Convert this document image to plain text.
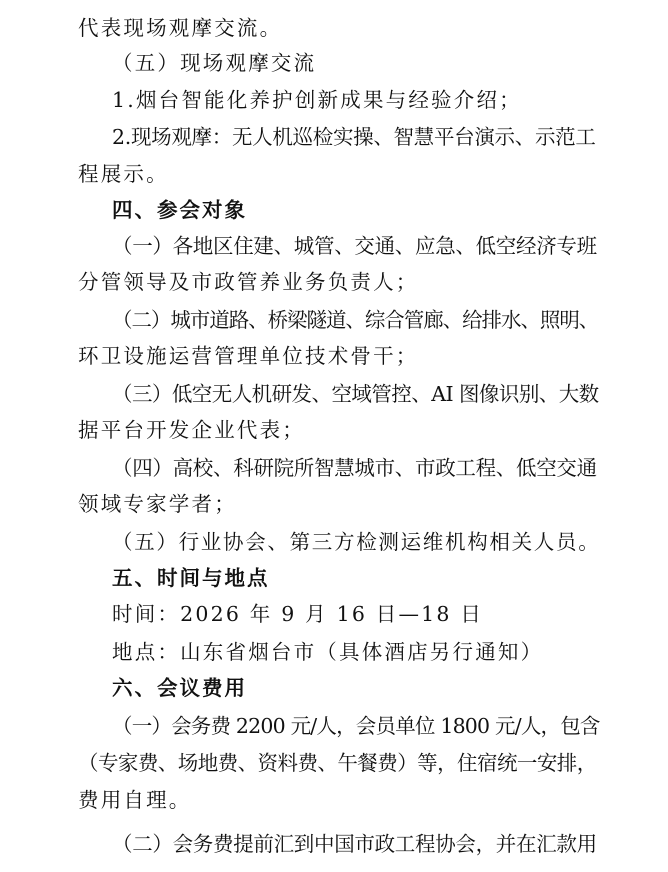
代表现场观摩交流。
（五）现场观摩交流
1.烟台智能化养护创新成果与经验介绍；
2.现场观摩：无人机巡检实操、智慧平台演示、示范工
程展示。
四、参会对象
（一）各地区住建、城管、交通、应急、低空经济专班
分管领导及市政管养业务负责人；
（二）城市道路、桥梁隧道、综合管廊、给排水、照明、
环卫设施运营管理单位技术骨干；
（三）低空无人机研发、空域管控、AI 图像识别、大数
据平台开发企业代表；
（四）高校、科研院所智慧城市、市政工程、低空交通
领域专家学者；
（五）行业协会、第三方检测运维机构相关人员。
五、时间与地点
时间：2026 年 9 月 16 日—18 日
地点：山东省烟台市（具体酒店另行通知）
六、会议费用
（一）会务费 2200 元/人，会员单位 1800 元/人，包含
（专家费、场地费、资料费、午餐费）等，住宿统一安排，
费用自理。
（二）会务费提前汇到中国市政工程协会，并在汇款用
